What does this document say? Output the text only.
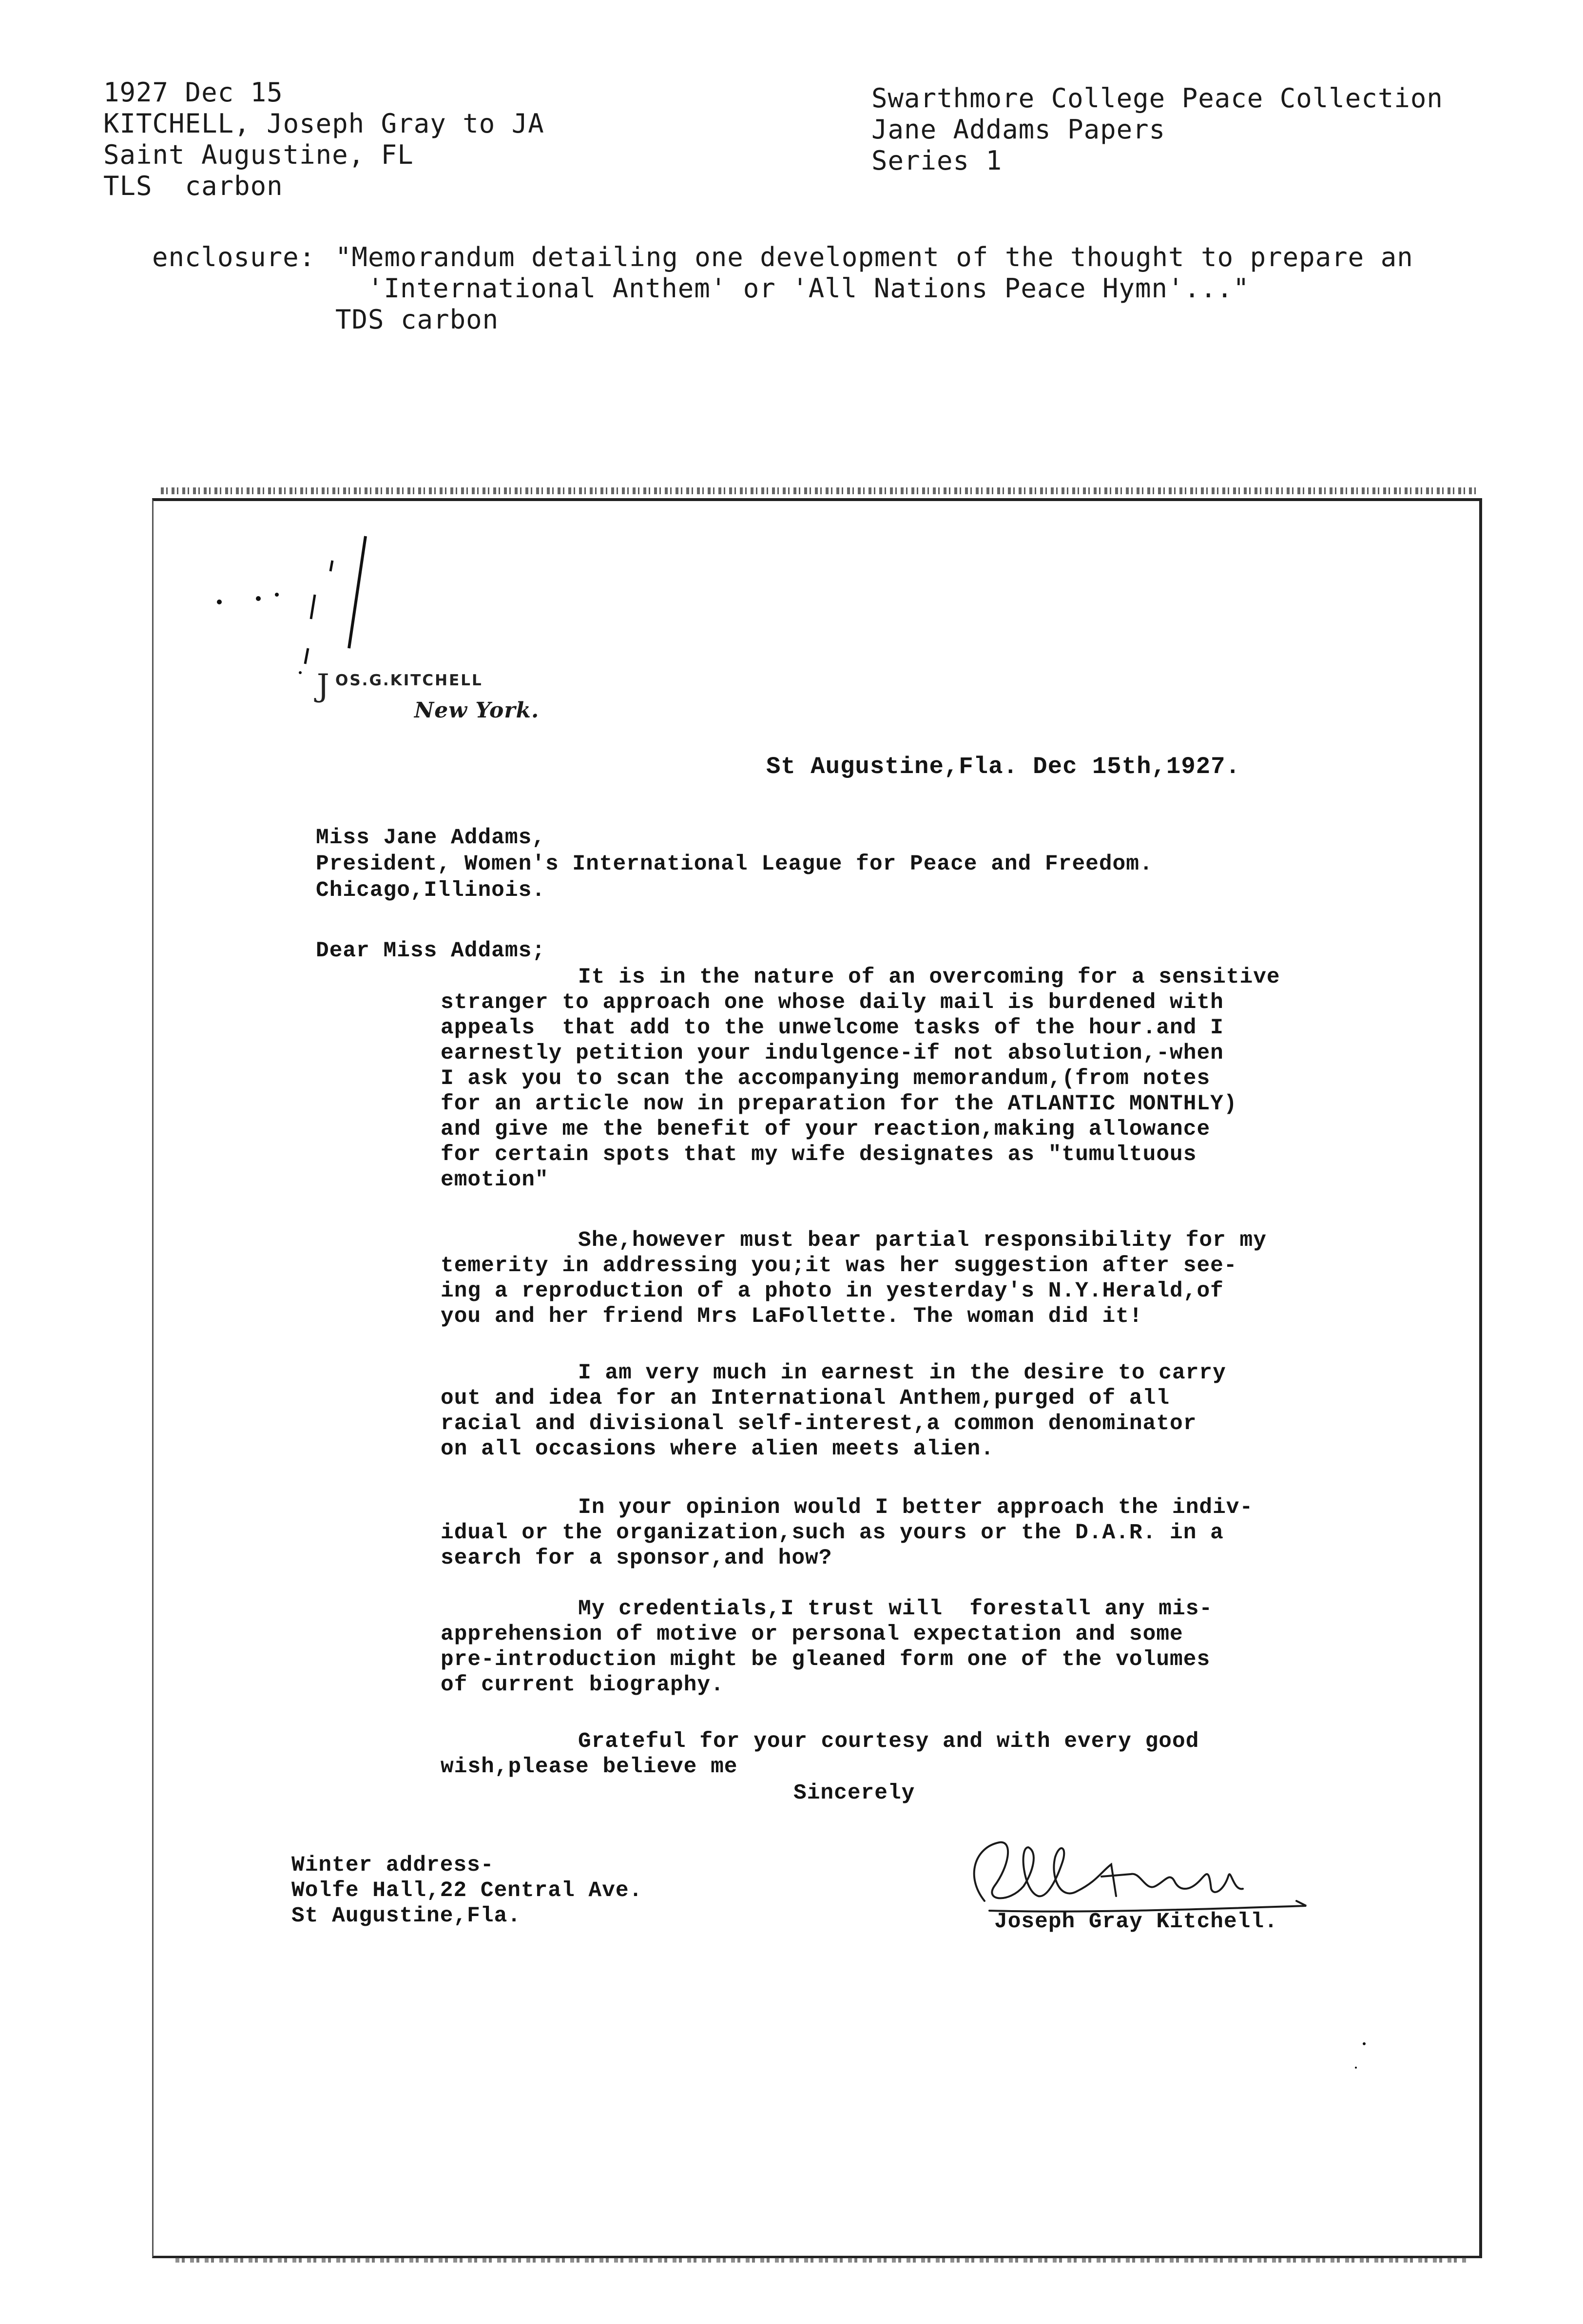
1927 Dec 15
KITCHELL, Joseph Gray to JA
Saint Augustine, FL
TLS  carbon
Swarthmore College Peace Collection
Jane Addams Papers
Series 1
enclosure: "Memorandum detailing one development of the thought to prepare an
'International Anthem' or 'All Nations Peace Hymn'..."
TDS carbon
J OS.G.KITCHELL
New York.
St Augustine,Fla. Dec 15th,1927.
Miss Jane Addams,
President, Women's International League for Peace and Freedom.
Chicago,Illinois.
Dear Miss Addams;
It is in the nature of an overcoming for a sensitive
stranger to approach one whose daily mail is burdened with
appeals  that add to the unwelcome tasks of the hour.and I
earnestly petition your indulgence-if not absolution,-when
I ask you to scan the accompanying memorandum,(from notes
for an article now in preparation for the ATLANTIC MONTHLY)
and give me the benefit of your reaction,making allowance
for certain spots that my wife designates as "tumultuous
emotion"
She,however must bear partial responsibility for my
temerity in addressing you;it was her suggestion after see-
ing a reproduction of a photo in yesterday's N.Y.Herald,of
you and her friend Mrs LaFollette. The woman did it!
I am very much in earnest in the desire to carry
out and idea for an International Anthem,purged of all
racial and divisional self-interest,a common denominator
on all occasions where alien meets alien.
In your opinion would I better approach the indiv-
idual or the organization,such as yours or the D.A.R. in a
search for a sponsor,and how?
My credentials,I trust will  forestall any mis-
apprehension of motive or personal expectation and some
pre-introduction might be gleaned form one of the volumes
of current biography.
Grateful for your courtesy and with every good
wish,please believe me
Sincerely
Winter address-
Wolfe Hall,22 Central Ave.
St Augustine,Fla.	Joseph Gray Kitchell.
